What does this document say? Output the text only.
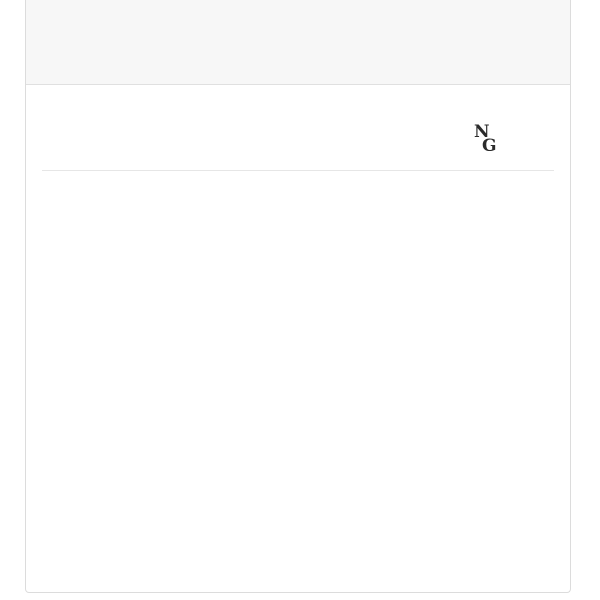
N
G
